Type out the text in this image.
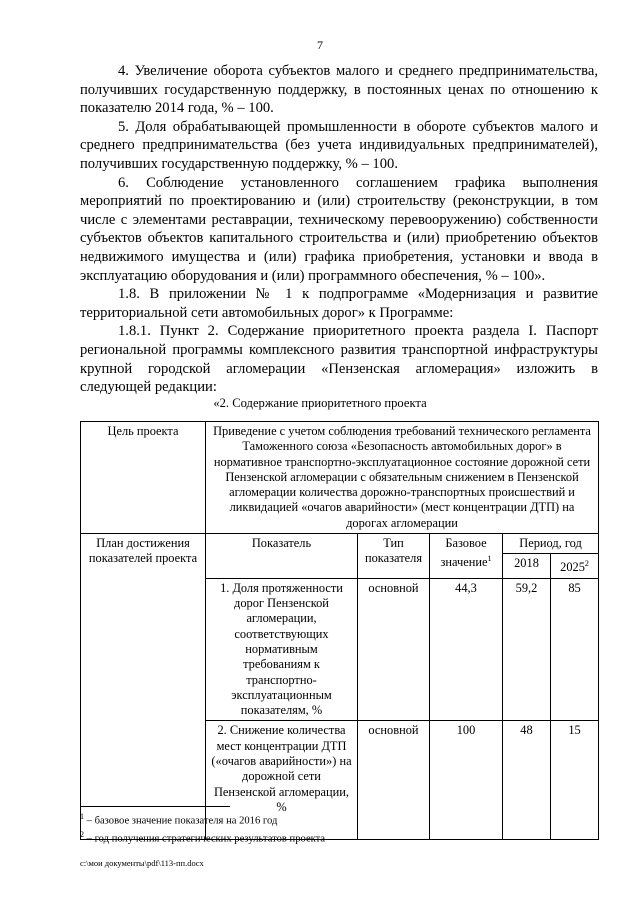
7

4. Увеличение оборота субъектов малого и среднего предпринимательства, получивших государственную поддержку, в постоянных ценах по отношению к показателю 2014 года, % – 100.

5. Доля обрабатывающей промышленности в обороте субъектов малого и среднего предпринимательства (без учета индивидуальных предпринимателей), получивших государственную поддержку, % – 100.

6. Соблюдение установленного соглашением графика выполнения мероприятий по проектированию и (или) строительству (реконструкции, в том числе с элементами реставрации, техническому перевооружению) собственности субъектов объектов капитального строительства и (или) приобретению объектов недвижимого имущества и (или) графика приобретения, установки и ввода в эксплуатацию оборудования и (или) программного обеспечения, % – 100».

1.8. В приложении № 1 к подпрограмме «Модернизация и развитие территориальной сети автомобильных дорог» к Программе:

1.8.1. Пункт 2. Содержание приоритетного проекта раздела I. Паспорт региональной программы комплексного развития транспортной инфраструктуры крупной городской агломерации «Пензенская агломерация» изложить в следующей редакции:

«2. Содержание приоритетного проекта
Цель проекта	Приведение с учетом соблюдения требований технического регламента Таможенного союза «Безопасность автомобильных дорог» в нормативное транспортно-эксплуатационное состояние дорожной сети Пензенской агломерации с обязательным снижением в Пензенской агломерации количества дорожно-транспортных происшествий и ликвидацией «очагов аварийности» (мест концентрации ДТП) на дорогах агломерации				
План достижения показателей проекта	Показатель	Тип показателя	Базовое значение$^1$	Период, год	
				2018	2025$^2$
	1. Доля протяженности дорог Пензенской агломерации, соответствующих нормативным требованиям к транспортно-эксплуатационным показателям, %	основной	44,3	59,2	85

	2. Снижение количества мест концентрации ДТП («очагов аварийности») на дорожной сети Пензенской агломерации, %	основной	100	48	15
$^1$ – базовое значение показателя на 2016 год
$^2$ – год получения стратегических результатов проекта
c:\мои документы\pdf\113-пп.docx
